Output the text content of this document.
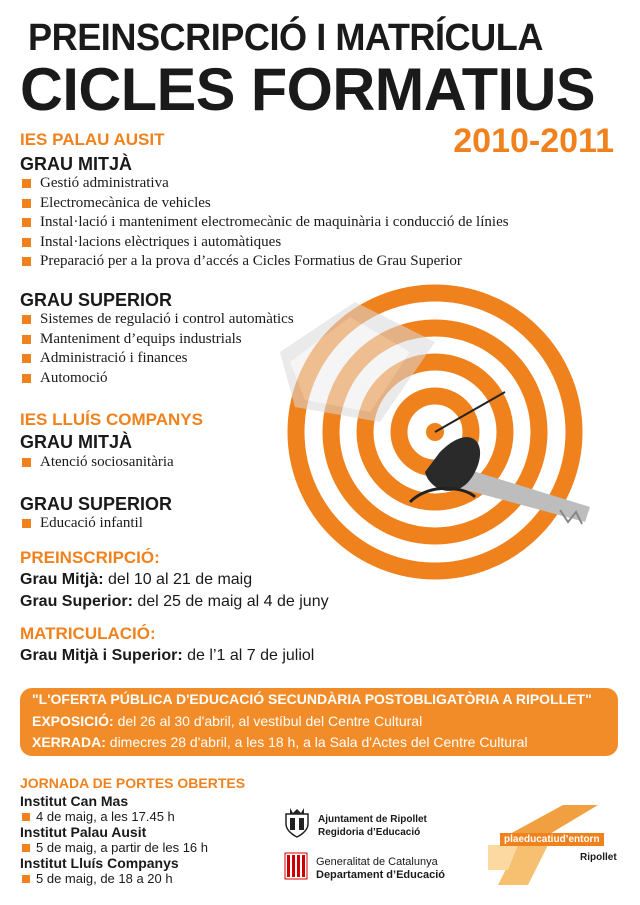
PREINSCRIPCIÓ I MATRÍCULA
CICLES FORMATIUS
2010-2011
IES PALAU AUSIT
GRAU MITJÀ
Gestió administrativa
Electromecànica de vehicles
Instal·lació i manteniment electromecànic de maquinària i conducció de línies
Instal·lacions elèctriques i automàtiques
Preparació per a la prova d’accés a Cicles Formatius de Grau Superior
GRAU SUPERIOR
Sistemes de regulació i control automàtics
Manteniment d’equips industrials
Administració i finances
Automoció
IES LLUÍS COMPANYS
GRAU MITJÀ
Atenció sociosanitària
GRAU SUPERIOR
Educació infantil
PREINSCRIPCIÓ:
Grau Mitjà: del 10 al 21 de maig
Grau Superior: del 25 de maig al 4 de juny
MATRICULACIÓ:
Grau Mitjà i Superior: de l’1 al 7 de juliol
"L'OFERTA PÚBLICA D'EDUCACIÓ SECUNDÀRIA POSTOBLIGATÒRIA A RIPOLLET"
EXPOSICIÓ: del 26 al 30 d'abril, al vestíbul del Centre Cultural
XERRADA: dimecres 28 d'abril, a les 18 h, a la Sala d'Actes del Centre Cultural
JORNADA DE PORTES OBERTES
Institut Can Mas
4 de maig, a les 17.45 h
Institut Palau Ausit
5 de maig, a partir de les 16 h
Institut Lluís Companys
5 de maig, de 18 a 20 h
Ajuntament de Ripollet
Regidoria d’Educació
Generalitat de Catalunya
Departament d’Educació
plaeducatiud’entorn
Ripollet
